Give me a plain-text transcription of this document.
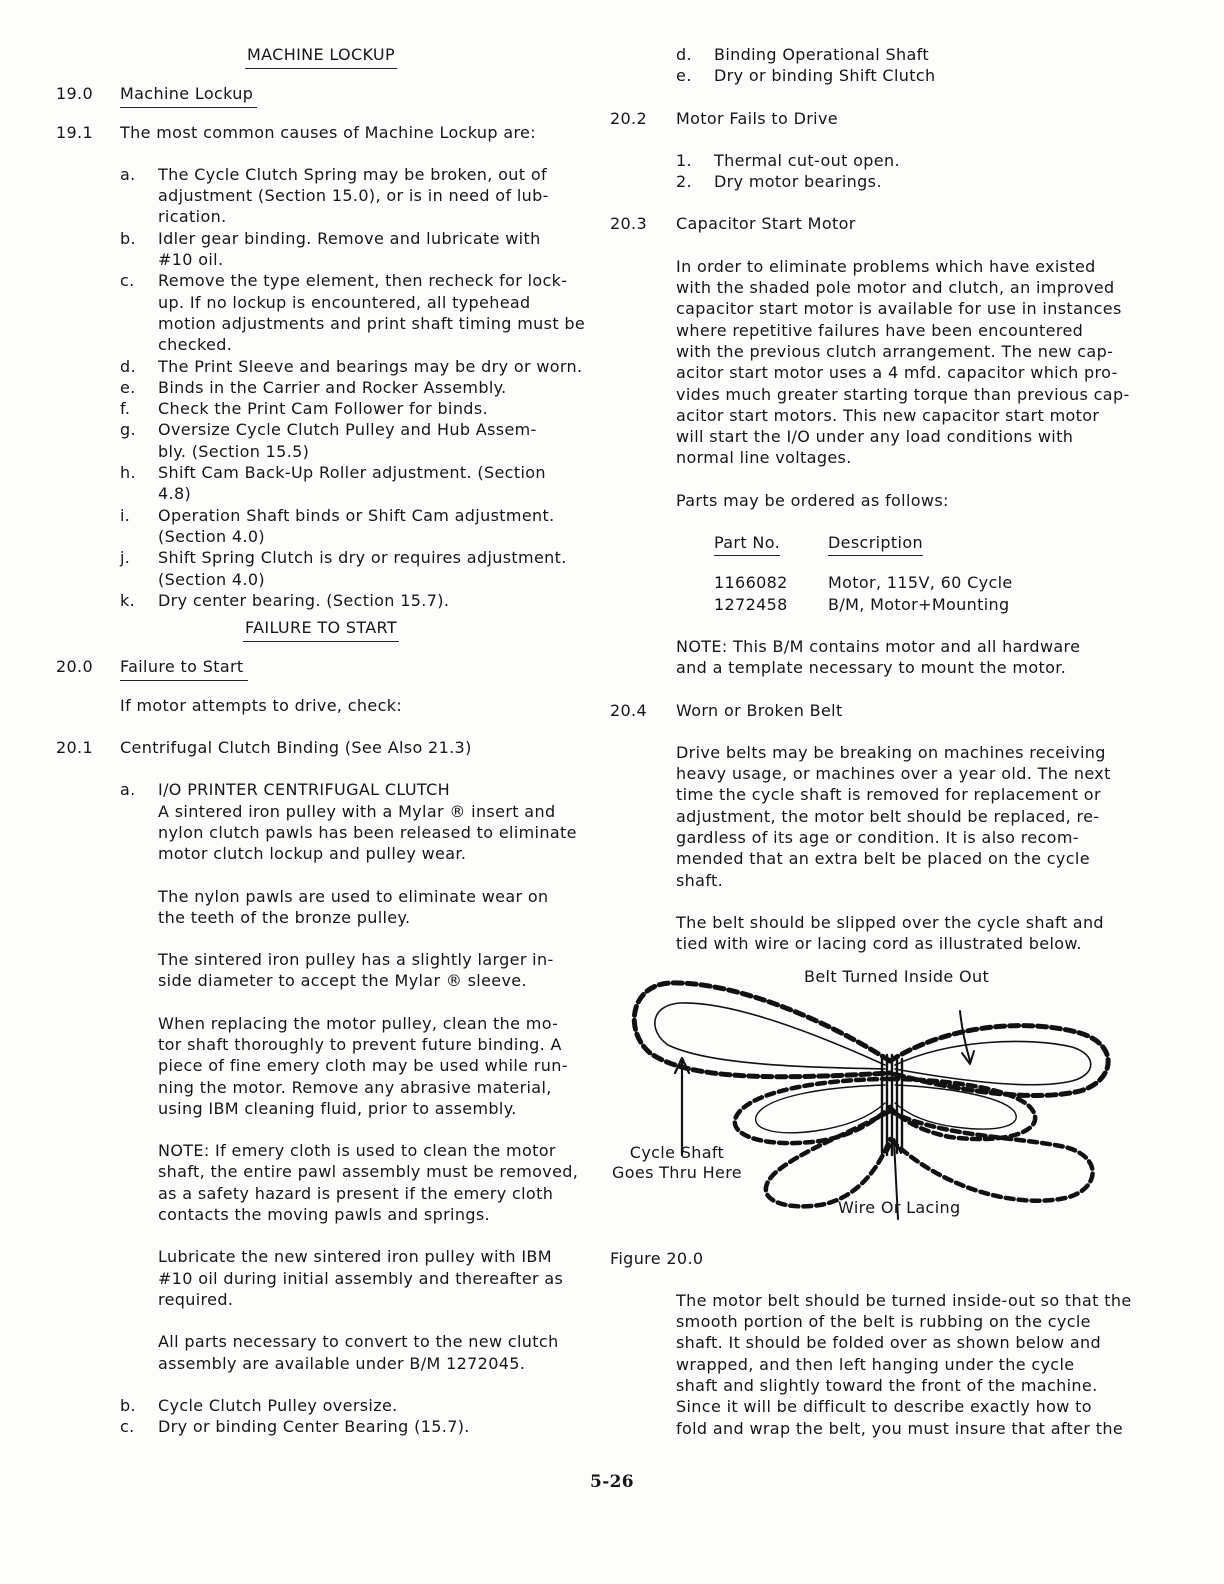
MACHINE LOCKUP
19.0	Machine Lockup
19.1	The most common causes of Machine Lockup are:
a.	The Cycle Clutch Spring may be broken, out of

adjustment (Section 15.0), or is in need of lub-

rication.

b.	Idler gear binding. Remove and lubricate with

#10 oil.

c.	Remove the type element, then recheck for lock-

up. If no lockup is encountered, all typehead

motion adjustments and print shaft timing must be

checked.

d.	The Print Sleeve and bearings may be dry or worn.

e.	Binds in the Carrier and Rocker Assembly.

f.	Check the Print Cam Follower for binds.

g.	Oversize Cycle Clutch Pulley and Hub Assem-

bly. (Section 15.5)

h.	Shift Cam Back-Up Roller adjustment. (Section

4.8)

i.	Operation Shaft binds or Shift Cam adjustment.

(Section 4.0)

j.	Shift Spring Clutch is dry or requires adjustment.

(Section 4.0)

k.	Dry center bearing. (Section 15.7).

FAILURE TO START
20.0	Failure to Start

If motor attempts to drive, check:

20.1	Centrifugal Clutch Binding (See Also 21.3)
a.	I/O PRINTER CENTRIFUGAL CLUTCH

A sintered iron pulley with a Mylar ® insert and

nylon clutch pawls has been released to eliminate

motor clutch lockup and pulley wear.

The nylon pawls are used to eliminate wear on

the teeth of the bronze pulley.

The sintered iron pulley has a slightly larger in-

side diameter to accept the Mylar ® sleeve.

When replacing the motor pulley, clean the mo-

tor shaft thoroughly to prevent future binding. A

piece of fine emery cloth may be used while run-

ning the motor. Remove any abrasive material,

using IBM cleaning fluid, prior to assembly.

NOTE: If emery cloth is used to clean the motor

shaft, the entire pawl assembly must be removed,

as a safety hazard is present if the emery cloth

contacts the moving pawls and springs.

Lubricate the new sintered iron pulley with IBM

#10 oil during initial assembly and thereafter as

required.

All parts necessary to convert to the new clutch

assembly are available under B/M 1272045.

b.	Cycle Clutch Pulley oversize.
c.	Dry or binding Center Bearing (15.7).
d.	Binding Operational Shaft
e.	Dry or binding Shift Clutch
20.2	Motor Fails to Drive
1.	Thermal cut-out open.
2.	Dry motor bearings.
20.3	Capacitor Start Motor

In order to eliminate problems which have existed

with the shaded pole motor and clutch, an improved

capacitor start motor is available for use in instances

where repetitive failures have been encountered

with the previous clutch arrangement. The new cap-

acitor start motor uses a 4 mfd. capacitor which pro-

vides much greater starting torque than previous cap-

acitor start motors. This new capacitor start motor

will start the I/O under any load conditions with

normal line voltages.

Parts may be ordered as follows:

Part No.	Description
1166082	Motor, 115V, 60 Cycle
1272458	B/M, Motor+Mounting

NOTE: This B/M contains motor and all hardware

and a template necessary to mount the motor.

20.4	Worn or Broken Belt

Drive belts may be breaking on machines receiving

heavy usage, or machines over a year old. The next

time the cycle shaft is removed for replacement or

adjustment, the motor belt should be replaced, re-

gardless of its age or condition. It is also recom-

mended that an extra belt be placed on the cycle

shaft.

The belt should be slipped over the cycle shaft and

tied with wire or lacing cord as illustrated below.

Belt Turned Inside Out

Cycle Shaft

Goes Thru Here

Wire Or Lacing

Figure 20.0

The motor belt should be turned inside-out so that the

smooth portion of the belt is rubbing on the cycle

shaft. It should be folded over as shown below and

wrapped, and then left hanging under the cycle

shaft and slightly toward the front of the machine.

Since it will be difficult to describe exactly how to

fold and wrap the belt, you must insure that after the

5-26
